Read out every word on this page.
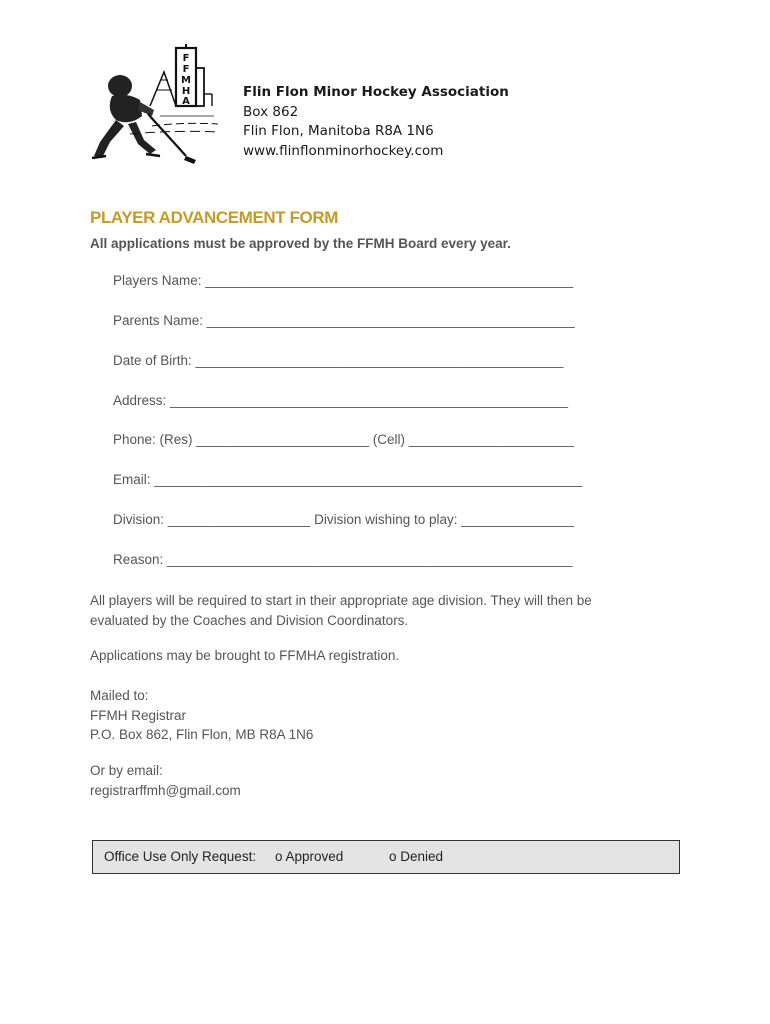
F
F
M
H
A
Flin Flon Minor Hockey Association
Box 862
Flin Flon, Manitoba R8A 1N6
www.flinflonminorhockey.com
PLAYER ADVANCEMENT FORM
All applications must be approved by the FFMH Board every year.
Players Name: _________________________________________________
Parents Name: _________________________________________________
Date of Birth: _________________________________________________
Address: _____________________________________________________
Phone: (Res) _______________________ (Cell) ______________________
Email: _________________________________________________________
Division: ___________________ Division wishing to play: _______________
Reason: ______________________________________________________
All players will be required to start in their appropriate age division. They will then be
evaluated by the Coaches and Division Coordinators.
Applications may be brought to FFMHA registration.
Mailed to:
FFMH Registrar
P.O. Box 862, Flin Flon, MB R8A 1N6
Or by email:
registrarffmh@gmail.com
Office Use Only Request: o Approved	o Denied
